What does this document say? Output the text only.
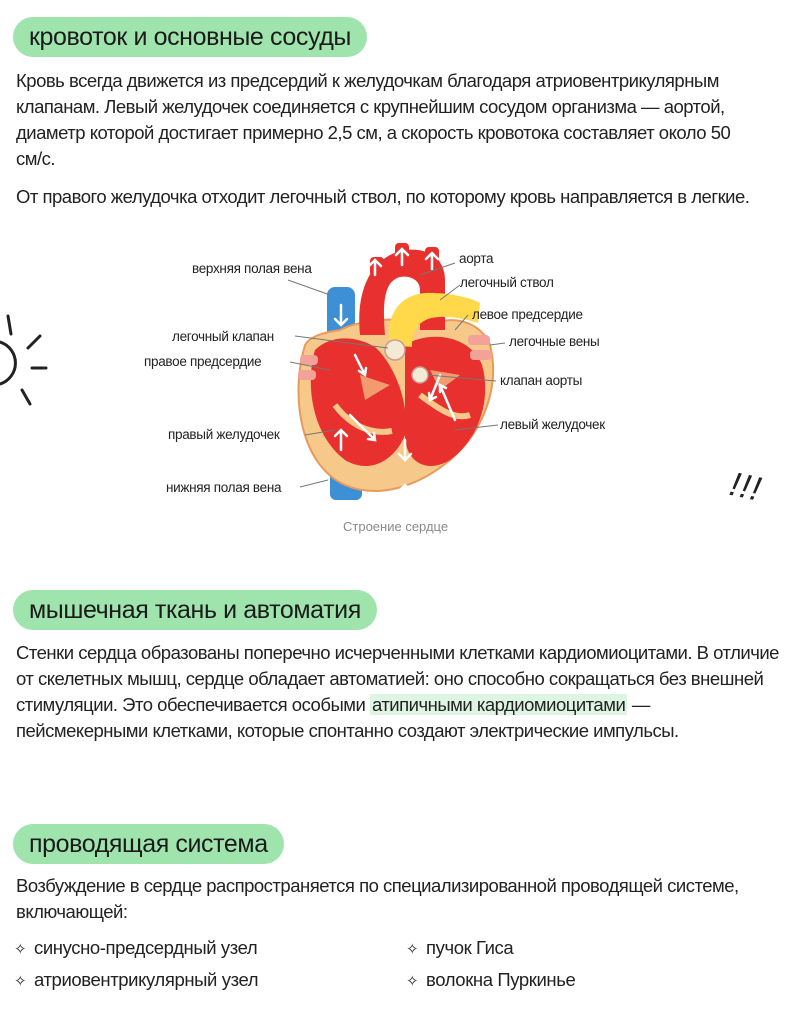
кровоток и основные сосуды

Кровь всегда движется из предсердий к желудочкам благодаря атриовентрикулярным клапанам. Левый желудочек соединяется с крупнейшим сосудом организма — аортой, диаметр которой достигает примерно 2,5 см, а скорость кровотока составляет около 50 см/с.

От правого желудочка отходит легочный ствол, по которому кровь направляется в легкие.

верхняя полая вена
легочный клапан
правое предсердие
правый желудочек
нижняя полая вена
аорта
легочный ствол
левое предсердие
легочные вены
клапан аорты
левый желудочек
Строение сердце
!!!
мышечная ткань и автоматия

Стенки сердца образованы поперечно исчерченными клетками кардиомиоцитами. В отличие от скелетных мышц, сердце обладает автоматией: оно способно сокращаться без внешней стимуляции. Это обеспечивается особыми атипичными кардиомиоцитами — пейсмекерными клетками, которые спонтанно создают электрические импульсы.

проводящая система

Возбуждение в сердце распространяется по специализированной проводящей системе, включающей:

✧ синусно-предсердный узел
✧ атриовентрикулярный узел
✧ пучок Гиса
✧ волокна Пуркинье
